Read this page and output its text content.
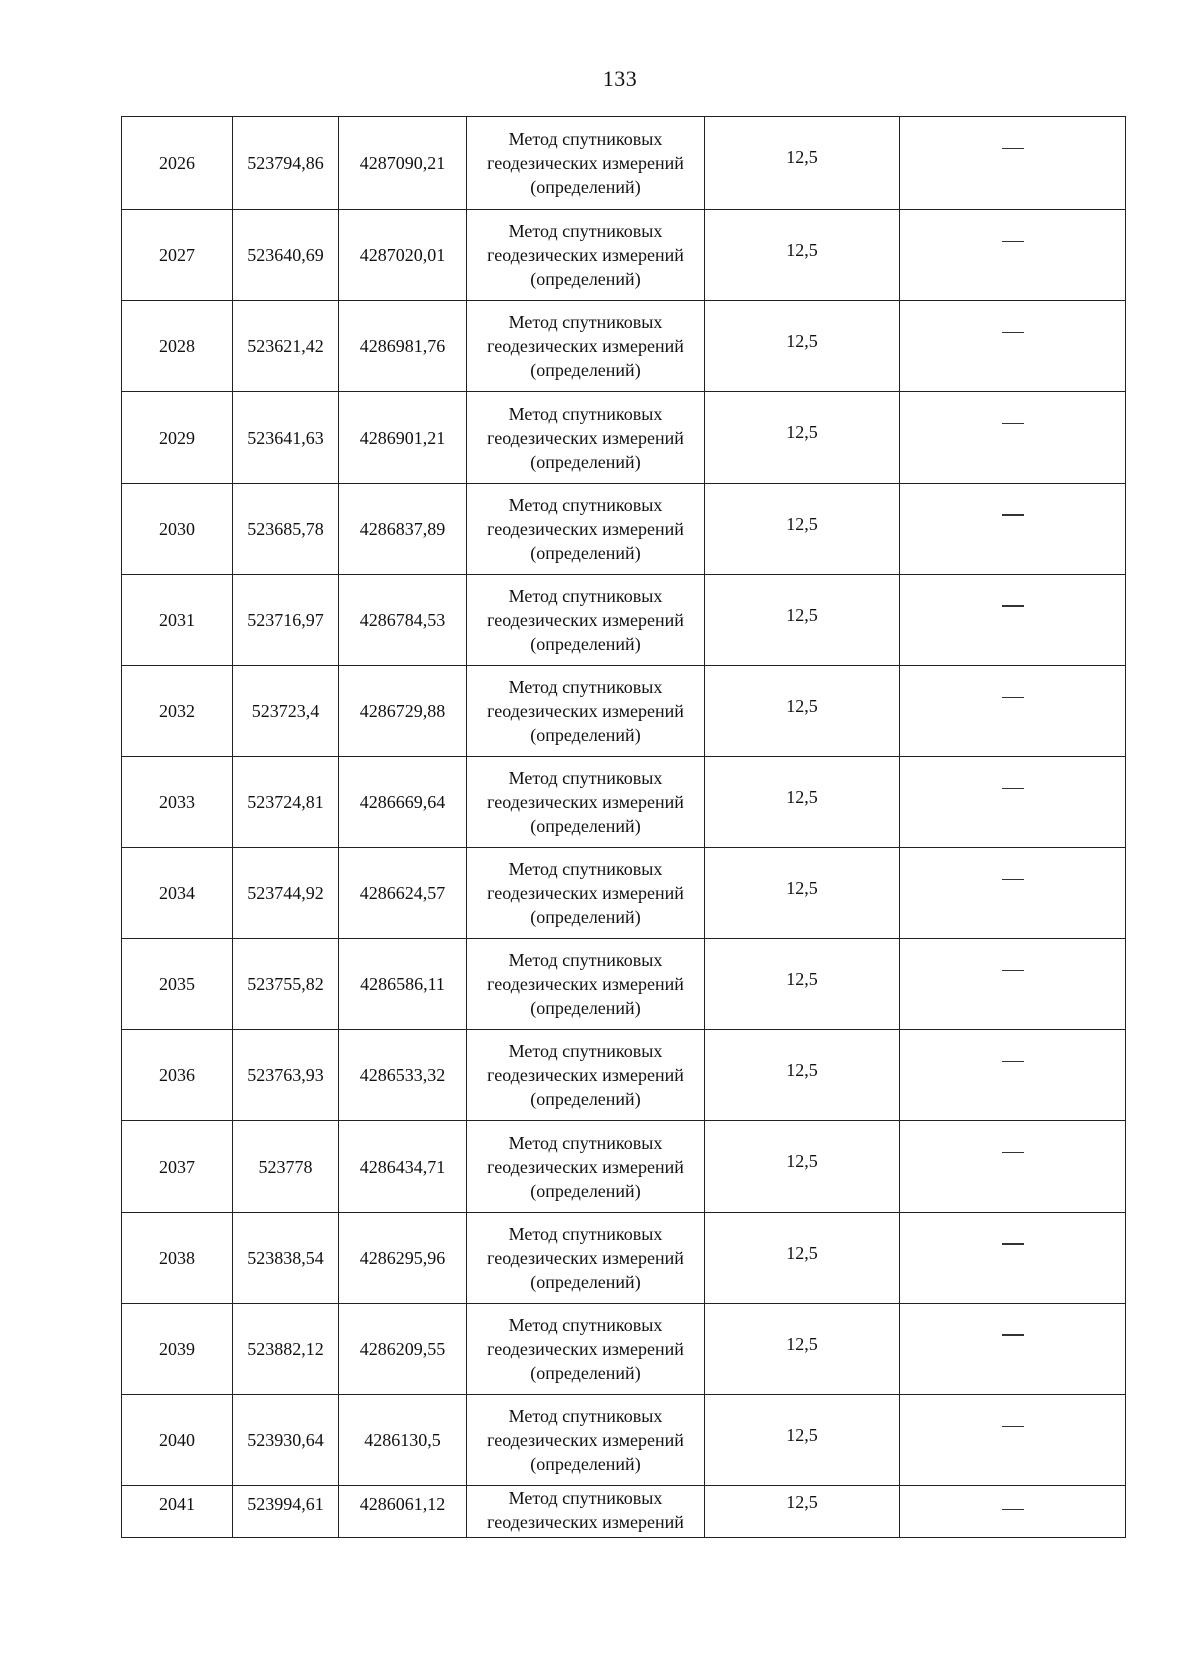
133
2026	523794,86	4287090,21	Метод спутниковых
геодезических измерений
(определений)	12,5	
2027	523640,69	4287020,01	Метод спутниковых
геодезических измерений
(определений)	12,5	
2028	523621,42	4286981,76	Метод спутниковых
геодезических измерений
(определений)	12,5	
2029	523641,63	4286901,21	Метод спутниковых
геодезических измерений
(определений)	12,5	
2030	523685,78	4286837,89	Метод спутниковых
геодезических измерений
(определений)	12,5	
2031	523716,97	4286784,53	Метод спутниковых
геодезических измерений
(определений)	12,5	
2032	523723,4	4286729,88	Метод спутниковых
геодезических измерений
(определений)	12,5	
2033	523724,81	4286669,64	Метод спутниковых
геодезических измерений
(определений)	12,5	
2034	523744,92	4286624,57	Метод спутниковых
геодезических измерений
(определений)	12,5	
2035	523755,82	4286586,11	Метод спутниковых
геодезических измерений
(определений)	12,5	
2036	523763,93	4286533,32	Метод спутниковых
геодезических измерений
(определений)	12,5	
2037	523778	4286434,71	Метод спутниковых
геодезических измерений
(определений)	12,5	
2038	523838,54	4286295,96	Метод спутниковых
геодезических измерений
(определений)	12,5	
2039	523882,12	4286209,55	Метод спутниковых
геодезических измерений
(определений)	12,5	
2040	523930,64	4286130,5	Метод спутниковых
геодезических измерений
(определений)	12,5	
2041	523994,61	4286061,12	Метод спутниковых
геодезических измерений	12,5	
